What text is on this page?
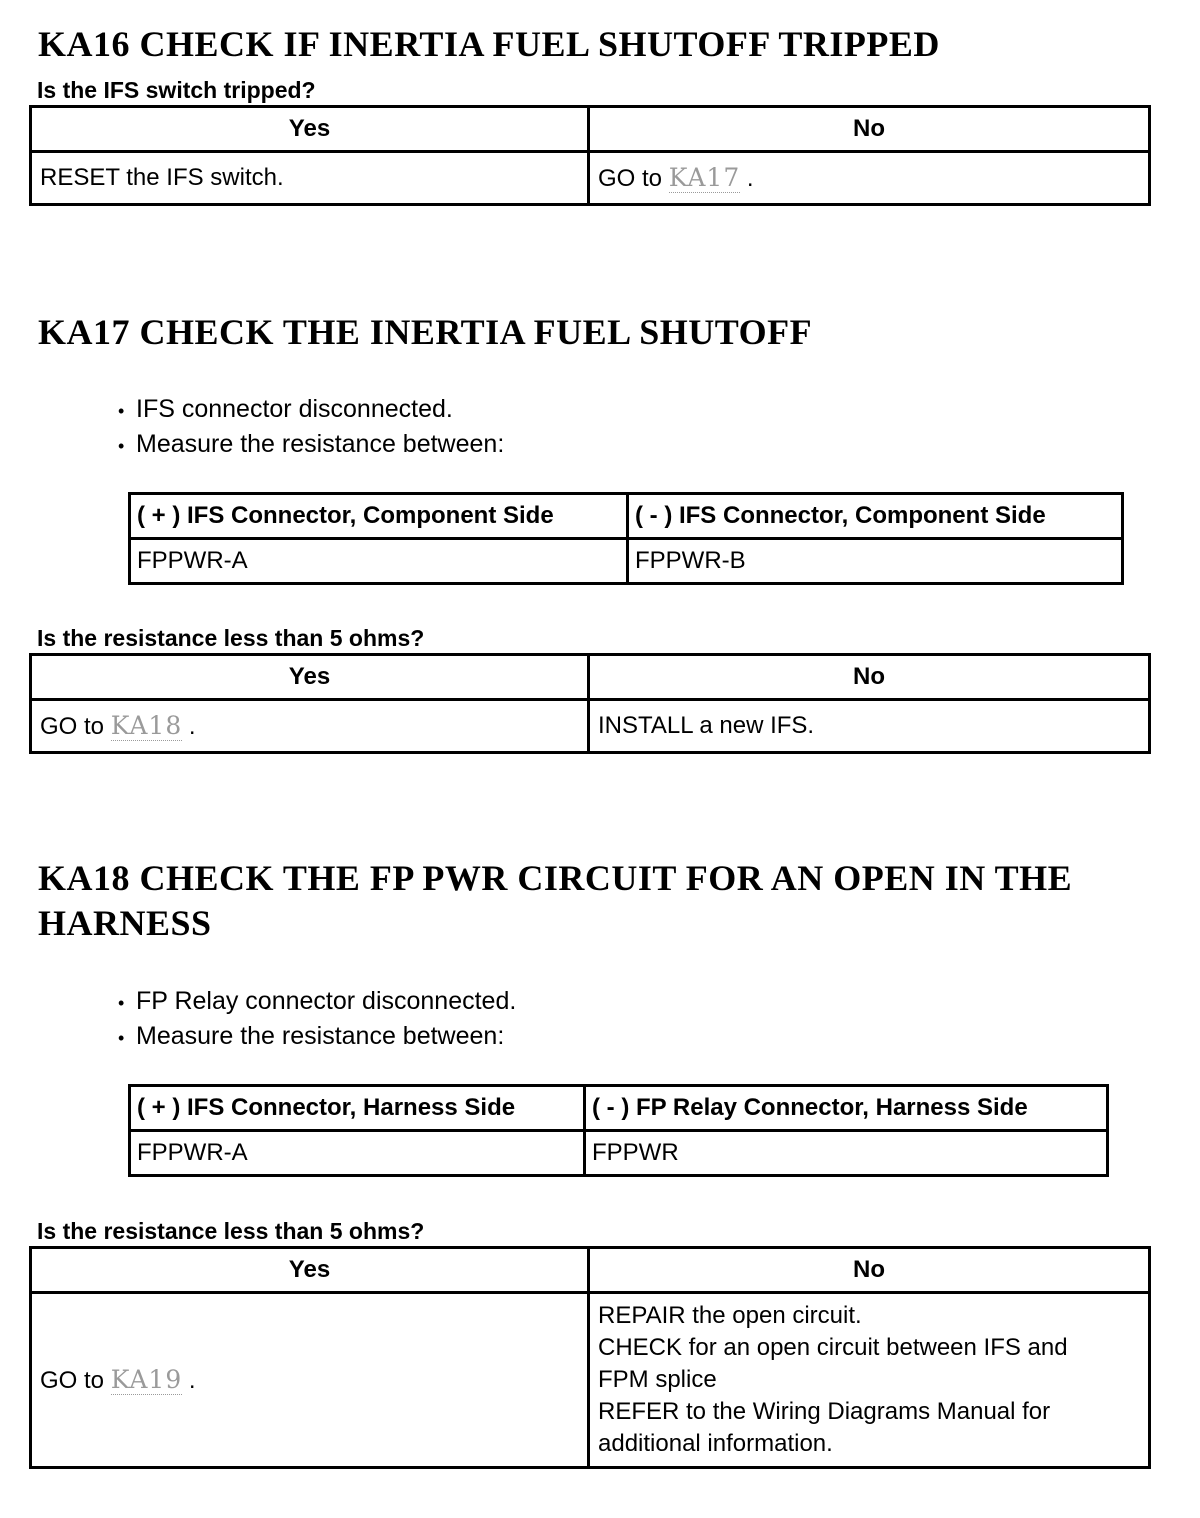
KA16 CHECK IF INERTIA FUEL SHUTOFF TRIPPED

Is the IFS switch tripped?

Yes	No
RESET the IFS switch.	GO to KA17 .
KA17 CHECK THE INERTIA FUEL SHUTOFF
• IFS connector disconnected.
• Measure the resistance between:
( + ) IFS Connector, Component Side	( - ) IFS Connector, Component Side
FPPWR-A	FPPWR-B

Is the resistance less than 5 ohms?

Yes	No
GO to KA18 .	INSTALL a new IFS.
KA18 CHECK THE FP PWR CIRCUIT FOR AN OPEN IN THE
HARNESS
• FP Relay connector disconnected.
• Measure the resistance between:
( + ) IFS Connector, Harness Side	( - ) FP Relay Connector, Harness Side
FPPWR-A	FPPWR

Is the resistance less than 5 ohms?

Yes	No
GO to KA19 .	REPAIR the open circuit.
CHECK for an open circuit between IFS and
FPM splice
REFER to the Wiring Diagrams Manual for
additional information.
